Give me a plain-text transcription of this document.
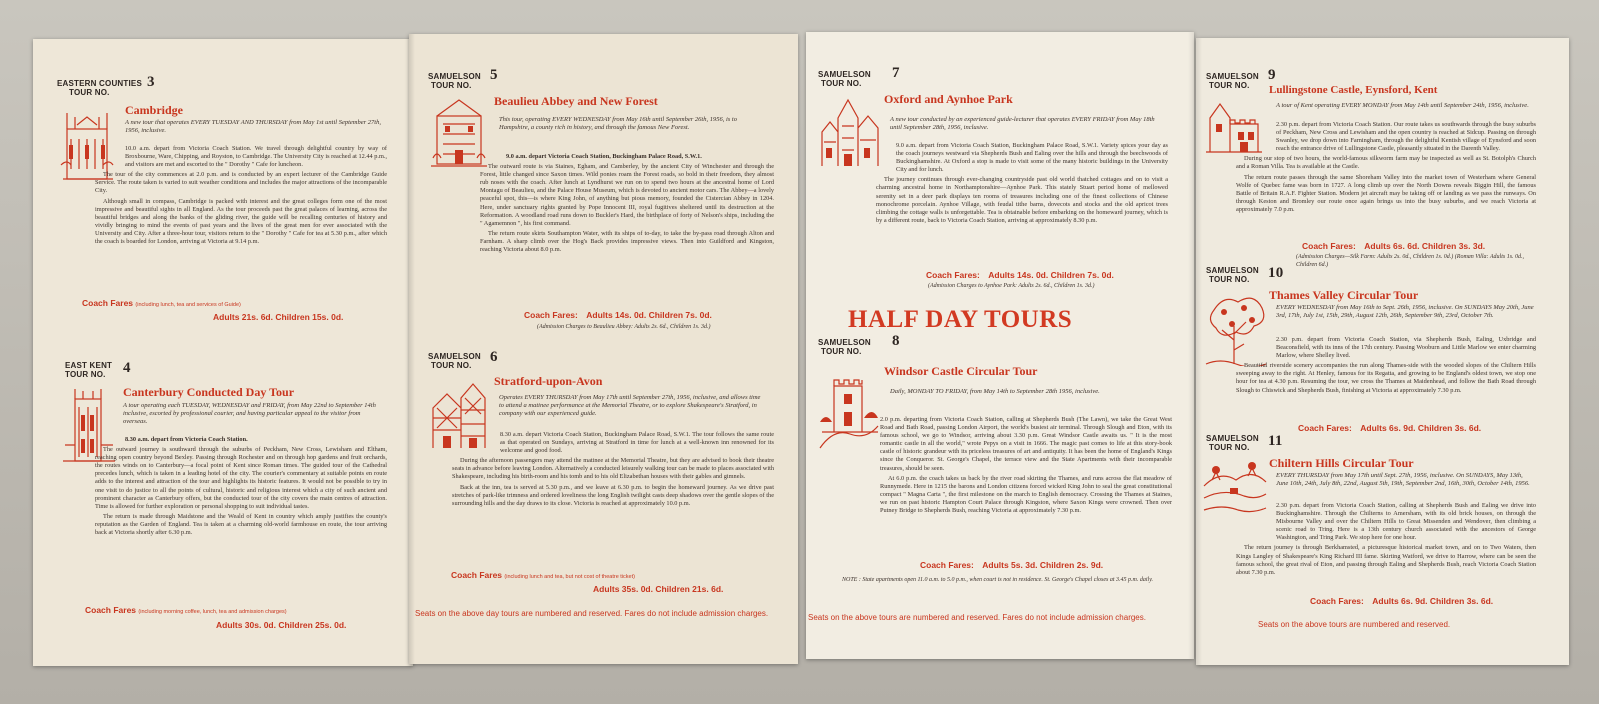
EASTERN COUNTIES
TOUR NO.
3
Cambridge
A new tour that operates EVERY TUESDAY AND THURSDAY from May 1st until September 27th, 1956, inclusive.

10.0 a.m. depart from Victoria Coach Station. We travel through delightful country by way of Broxbourne, Ware, Chipping, and Royston, to Cambridge. The University City is reached at 12.44 p.m., and visitors are met and escorted to the " Dorothy " Cafe for luncheon.

The tour of the city commences at 2.0 p.m. and is conducted by an expert lecturer of the Cambridge Guide Service. The route taken is varied to suit weather conditions and includes the major attractions of the incomparable City.

Although small in compass, Cambridge is packed with interest and the great colleges form one of the most impressive and beautiful sights in all England. As the tour proceeds past the great palaces of learning, across the beautiful bridges and along the banks of the gliding river, the guide will be recalling centuries of history and vividly bringing to mind the events of past years and the lives of the great men for ever associated with the University and City. After a three-hour tour, visitors return to the " Dorothy " Cafe for tea at 5.30 p.m., after which the coach is boarded for London, arriving at Victoria at 9.14 p.m.

Coach Fares (including lunch, tea and services of Guide)
Adults 21s. 6d. Children 15s. 0d.
EAST KENT
TOUR NO.	4
Canterbury Conducted Day Tour
A tour operating each TUESDAY, WEDNESDAY and FRIDAY, from May 22nd to September 14th inclusive, escorted by professional courier, and having particular appeal to the visitor from overseas.

8.30 a.m. depart from Victoria Coach Station.

The outward journey is southward through the suburbs of Peckham, New Cross, Lewisham and Eltham, reaching open country beyond Bexley. Passing through Rochester and on through hop gardens and fruit orchards, the routes winds on to Canterbury—a focal point of Kent since Roman times. The guided tour of the Cathedral precedes lunch, which is taken in a leading hotel of the city. The courier's commentary at suitable points en route adds to the interest and attraction of the tour and highlights its historic features. It would not be possible to try in one visit to do justice to all the points of cultural, historic and religious interest which a city of such ancient and prominent character as Canterbury offers, but the conducted tour of the city covers the main centres of attraction. Time is allowed for further exploration or personal shopping to suit individual tastes.

The return is made through Maidstone and the Weald of Kent in country which amply justifies the county's reputation as the Garden of England. Tea is taken at a charming old-world farmhouse en route, the tour arriving back at Victoria shortly after 6.30 p.m.

Coach Fares (including morning coffee, lunch, tea and admission charges)
Adults 30s. 0d. Children 25s. 0d.
SAMUELSON
TOUR NO.
5
Beaulieu Abbey and New Forest
This tour, operating EVERY WEDNESDAY from May 16th until September 26th, 1956, is to Hampshire, a county rich in history, and through the famous New Forest.

9.0 a.m. depart Victoria Coach Station, Buckingham Palace Road, S.W.1.

The outward route is via Staines, Egham, and Camberley, by the ancient City of Winchester and through the Forest, little changed since Saxon times. Wild ponies roam the Forest roads, so bold in their freedom, they almost rub noses with the coach. After lunch at Lyndhurst we run on to spend two hours at the ancestral home of Lord Montagu of Beaulieu, and the Palace House Museum, which is devoted to ancient motor cars. The Abbey—a lovely peaceful spot, this—is where King John, of anything but pious memory, founded the Cistercian Abbey in 1204. Here, under sanctuary rights granted by Pope Innocent III, royal fugitives sheltered until its destruction at the Reformation. A woodland road runs down to Buckler's Hard, the birthplace of forty of Nelson's ships, including the " Agamemnon ", his first command.

The return route skirts Southampton Water, with its ships of to-day, to take the by-pass road through Alton and Farnham. A sharp climb over the Hog's Back provides impressive views. Then into Guildford and Kingston, reaching Victoria about 8.0 p.m.

Coach Fares: Adults 14s. 0d. Children 7s. 0d.
(Admission Charges to Beaulieu Abbey: Adults 2s. 6d., Children 1s. 3d.)
SAMUELSON
TOUR NO.
6
Stratford-upon-Avon
Operates EVERY THURSDAY from May 17th until September 27th, 1956, inclusive, and allows time to attend a matinee performance at the Memorial Theatre, or to explore Shakespeare's Stratford, in company with our experienced guide.

8.30 a.m. depart Victoria Coach Station, Buckingham Palace Road, S.W.1. The tour follows the same route as that operated on Sundays, arriving at Stratford in time for lunch at a well-known inn renowned for its welcome and good food.

During the afternoon passengers may attend the matinee at the Memorial Theatre, but they are advised to book their theatre seats in advance before leaving London. Alternatively a conducted leisurely walking tour can be made to places associated with Shakespeare, including his birth-room and his tomb and to his old Elizabethan houses with their gables and gimnels.

Back at the inn, tea is served at 5.30 p.m., and we leave at 6.30 p.m. to begin the homeward journey. As we drive past stretches of park-like trimness and ordered loveliness the long English twilight casts deep shadows over the gentle slopes of the surrounding hills and the day draws to its close. Victoria is reached at approximately 10.0 p.m.

Coach Fares (including lunch and tea, but not cost of theatre ticket)
Adults 35s. 0d. Children 21s. 6d.
Seats on the above day tours are numbered and reserved. Fares do not include admission charges.
SAMUELSON
TOUR NO.
7
Oxford and Aynhoe Park
A new tour conducted by an experienced guide-lecturer that operates EVERY FRIDAY from May 18th until September 28th, 1956, inclusive.

9.0 a.m. depart from Victoria Coach Station, Buckingham Palace Road, S.W.1. Variety spices your day as the coach journeys westward via Shepherds Bush and Ealing over the hills and through the beechwoods of Buckinghamshire. At Oxford a stop is made to visit some of the many historic buildings in the University City and for lunch.

The journey continues through ever-changing countryside past old world thatched cottages and on to visit a charming ancestral home in Northamptonshire—Aynhoe Park. This stately Stuart period home of mellowed serenity set in a deer park displays ten rooms of treasures including one of the finest collections of Chinese monochrome porcelain. Aynhoe Village, with feudal tithe barns, dovecots and stocks and the old apricot trees climbing the cottage walls is unforgettable. Tea is obtainable before embarking on the homeward journey, which is by a different route, back to Victoria Coach Station, arriving at approximately 8.30 p.m.

Coach Fares: Adults 14s. 0d. Children 7s. 0d.
(Admission Charges to Aynhoe Park: Adults 2s. 6d., Children 1s. 3d.)
HALF DAY TOURS
SAMUELSON
TOUR NO.
8
Windsor Castle Circular Tour
Daily, MONDAY TO FRIDAY, from May 14th to September 28th 1956, inclusive.

2.0 p.m. departing from Victoria Coach Station, calling at Shepherds Bush (The Lawn), we take the Great West Road and Bath Road, passing London Airport, the world's busiest air terminal. Through Slough and Eton, with its famous school, we go to Windsor, arriving about 3.30 p.m. Great Windsor Castle awaits us. " It is the most romantic castle in all the world," wrote Pepys on a visit in 1666. The magic past comes to life at this story-book castle of historic grandeur with its priceless treasures of art and antiquity. It has been the home of England's Kings since the Conqueror. St. George's Chapel, the terrace view and the State Apartments with their incomparable treasures, should be seen.

At 6.0 p.m. the coach takes us back by the river road skirting the Thames, and runs across the flat meadow of Runnymede. Here in 1215 the barons and London citizens forced wicked King John to seal the great constitutional compact " Magna Carta ", the first milestone on the march to English democracy. Crossing the Thames at Staines, we run on past historic Hampton Court Palace through Kingston, where Saxon Kings were crowned. Then over Putney Bridge to Shepherds Bush, reaching Victoria at approximately 7.30 p.m.

Coach Fares: Adults 5s. 3d. Children 2s. 9d.
NOTE : State apartments open 11.0 a.m. to 5.0 p.m., when court is not in residence. St. George's Chapel closes at 3.45 p.m. daily.
Seats on the above tours are numbered and reserved. Fares do not include admission charges.
SAMUELSON
TOUR NO.
9
Lullingstone Castle, Eynsford, Kent
A tour of Kent operating EVERY MONDAY from May 14th until September 24th, 1956, inclusive.

2.30 p.m. depart from Victoria Coach Station. Our route takes us southwards through the busy suburbs of Peckham, New Cross and Lewisham and the open country is reached at Sidcup. Passing on through Swanley, we drop down into Farningham, through the delightful Kentish village of Eynsford and soon reach the entrance drive of Lullingstone Castle, pleasantly situated in the Darenth Valley.

During our stop of two hours, the world-famous silkworm farm may be inspected as well as St. Botolph's Church and a Roman Villa. Tea is available at the Castle.

The return route passes through the same Shoreham Valley into the market town of Westerham where General Wolfe of Quebec fame was born in 1727. A long climb up over the North Downs reveals Biggin Hill, the famous Battle of Britain R.A.F. Fighter Station. Modern jet aircraft may be taking off or landing as we pass the runways. On through Keston and Bromley our route once again brings us into the busy suburbs, and we reach Victoria at approximately 7.0 p.m.

Coach Fares: Adults 6s. 6d. Children 3s. 3d.
(Admission Charges—Silk Farm: Adults 2s. 0d., Children 1s. 0d.) (Roman Villa: Adults 1s. 0d., Children 6d.)
SAMUELSON
TOUR NO.	10
Thames Valley Circular Tour
EVERY WEDNESDAY from May 16th to Sept. 26th, 1956, inclusive. On SUNDAYS May 20th, June 3rd, 17th, July 1st, 15th, 29th, August 12th, 26th, September 9th, 23rd, October 7th.

2.30 p.m. depart from Victoria Coach Station, via Shepherds Bush, Ealing, Uxbridge and Beaconsfield, with its inns of the 17th century. Passing Wooburn and Little Marlow we enter charming Marlow, where Shelley lived.

Beautiful riverside scenery accompanies the run along Thames-side with the wooded slopes of the Chiltern Hills sweeping away to the right. At Henley, famous for its Regatta, and growing to be England's oldest town, we stop one hour for tea at 4.30 p.m. Resuming the tour, we cross the Thames at Maidenhead, and follow the Bath Road through Slough to Chiswick and Shepherds Bush, finishing at Victoria at approximately 7.30 p.m.

Coach Fares: Adults 6s. 9d. Children 3s. 6d.
SAMUELSON
TOUR NO.	11
Chiltern Hills Circular Tour
EVERY THURSDAY from May 17th until Sept. 27th, 1956, inclusive. On SUNDAYS, May 13th, June 10th, 24th, July 8th, 22nd, August 5th, 19th, September 2nd, 16th, 30th, October 14th, 1956.

2.30 p.m. depart from Victoria Coach Station, calling at Shepherds Bush and Ealing we drive into Buckinghamshire. Through the Chilterns to Amersham, with its old brick houses, on through the Misbourne Valley and over the Chiltern Hills to Great Missenden and Wendover, then climbing a scenic road to Tring. Here is a 13th century church associated with the ancestors of George Washington, and Tring Park. We stop here for one hour.

The return journey is through Berkhamsted, a picturesque historical market town, and on to Two Waters, then Kings Langley of Shakespeare's King Richard III fame. Skirting Watford, we drive to Harrow, where can be seen the famous school, the great rival of Eton, and passing through Ealing and Shepherds Bush, reach Victoria Coach Station about 7.30 p.m.

Coach Fares: Adults 6s. 9d. Children 3s. 6d.
Seats on the above tours are numbered and reserved.
